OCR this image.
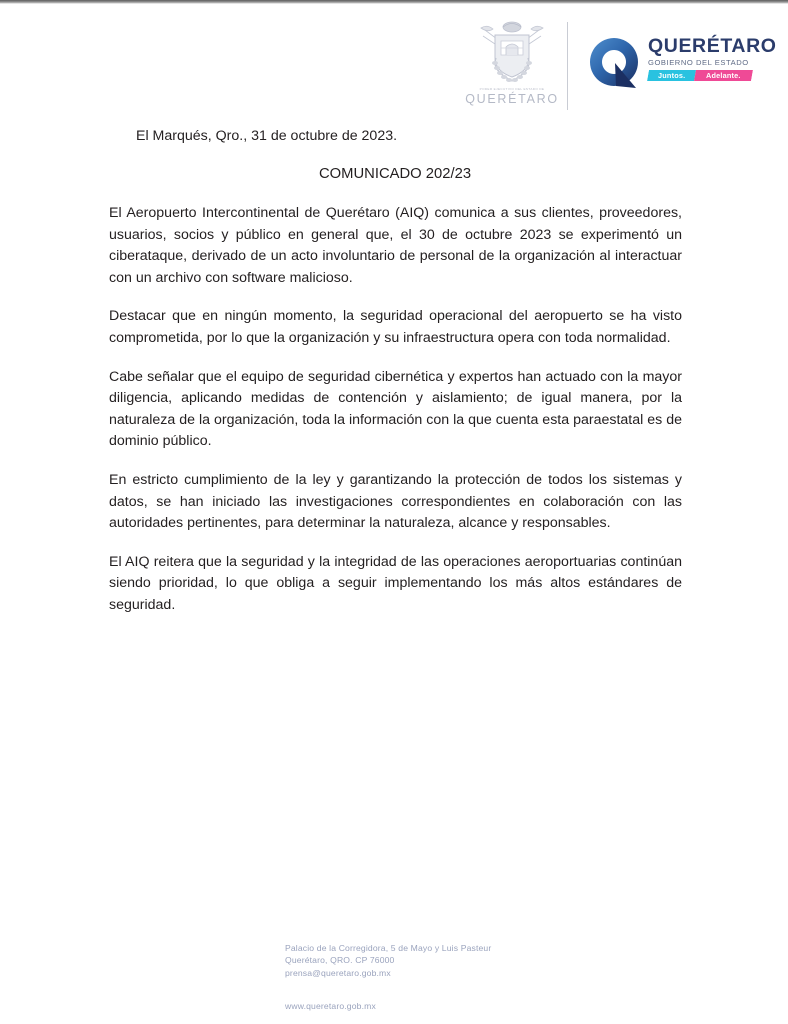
PODER EJECUTIVO DEL ESTADO DE
QUERÉTARO
QUERÉTARO
GOBIERNO DEL ESTADO
Juntos.	Adelante.
El Marqués, Qro., 31 de octubre de 2023.
COMUNICADO 202/23

El Aeropuerto Intercontinental de Querétaro (AIQ) comunica a sus clientes, proveedores, usuarios, socios y público en general que, el 30 de octubre 2023 se experimentó un ciberataque, derivado de un acto involuntario de personal de la organización al interactuar con un archivo con software malicioso.

Destacar que en ningún momento, la seguridad operacional del aeropuerto se ha visto comprometida, por lo que la organización y su infraestructura opera con toda normalidad.

Cabe señalar que el equipo de seguridad cibernética y expertos han actuado con la mayor diligencia, aplicando medidas de contención y aislamiento; de igual manera, por la naturaleza de la organización, toda la información con la que cuenta esta paraestatal es de dominio público.

En estricto cumplimiento de la ley y garantizando la protección de todos los sistemas y datos, se han iniciado las investigaciones correspondientes en colaboración con las autoridades pertinentes, para determinar la naturaleza, alcance y responsables.

El AIQ reitera que la seguridad y la integridad de las operaciones aeroportuarias continúan siendo prioridad, lo que obliga a seguir implementando los más altos estándares de seguridad.

Palacio de la Corregidora, 5 de Mayo y Luis Pasteur
Querétaro, QRO. CP 76000
prensa@queretaro.gob.mx
www.queretaro.gob.mx
